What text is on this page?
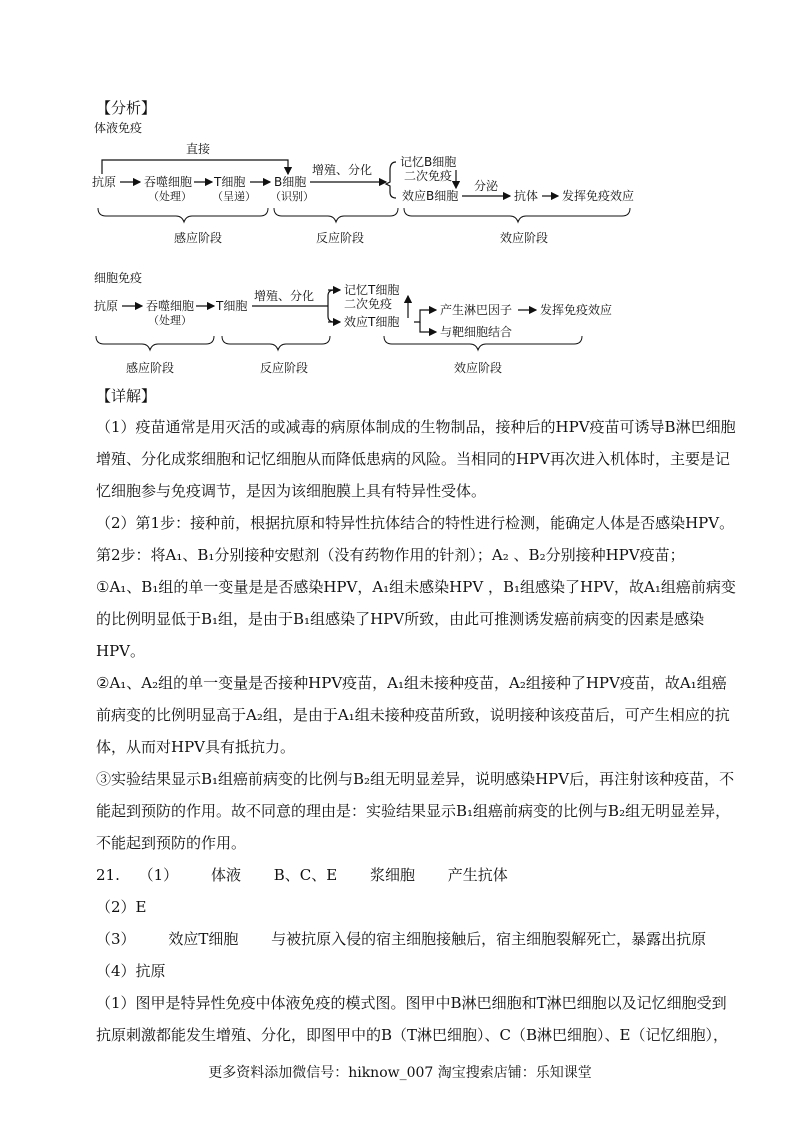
【分析】
体液免疫
直接
抗原 吞噬细胞
（处理）
T细胞
（呈递）
B细胞
（识别）
增殖、分化
记忆B细胞
二次免疫
效应B细胞
分泌
抗体 发挥免疫效应
感应阶段	反应阶段	效应阶段
细胞免疫
抗原 吞噬细胞
（处理）
T细胞
增殖、分化 记忆T细胞
二次免疫
效应T细胞
产生淋巴因子 发挥免疫效应
与靶细胞结合
感应阶段	反应阶段	效应阶段
【详解】
（1）疫苗通常是用灭活的或减毒的病原体制成的生物制品，接种后的HPV疫苗可诱导B淋巴细胞
增殖、分化成浆细胞和记忆细胞从而降低患病的风险。当相同的HPV再次进入机体时，主要是记
忆细胞参与免疫调节，是因为该细胞膜上具有特异性受体。
（2）第1步：接种前，根据抗原和特异性抗体结合的特性进行检测，能确定人体是否感染HPV。
第2步：将A₁、B₁分别接种安慰剂（没有药物作用的针剂）；A₂ 、B₂分别接种HPV疫苗；
①A₁、B₁组的单一变量是是否感染HPV，A₁组未感染HPV ，B₁组感染了HPV，故A₁组癌前病变
的比例明显低于B₁组，是由于B₁组感染了HPV所致，由此可推测诱发癌前病变的因素是感染
HPV。
②A₁、A₂组的单一变量是否接种HPV疫苗，A₁组未接种疫苗，A₂组接种了HPV疫苗，故A₁组癌
前病变的比例明显高于A₂组，是由于A₁组未接种疫苗所致，说明接种该疫苗后，可产生相应的抗
体，从而对HPV具有抵抗力。
③实验结果显示B₁组癌前病变的比例与B₂组无明显差异，说明感染HPV后，再注射该种疫苗，不
能起到预防的作用。故不同意的理由是：实验结果显示B₁组癌前病变的比例与B₂组无明显差异，
不能起到预防的作用。
21. （1） 体液 B、C、E 浆细胞 产生抗体
（2）E
（3） 效应T细胞 与被抗原入侵的宿主细胞接触后，宿主细胞裂解死亡，暴露出抗原
（4）抗原
（1）图甲是特异性免疫中体液免疫的模式图。图甲中B淋巴细胞和T淋巴细胞以及记忆细胞受到
抗原刺激都能发生增殖、分化，即图甲中的B（T淋巴细胞）、C（B淋巴细胞）、E（记忆细胞），
更多资料添加微信号：hiknow_007 淘宝搜索店铺：乐知课堂
